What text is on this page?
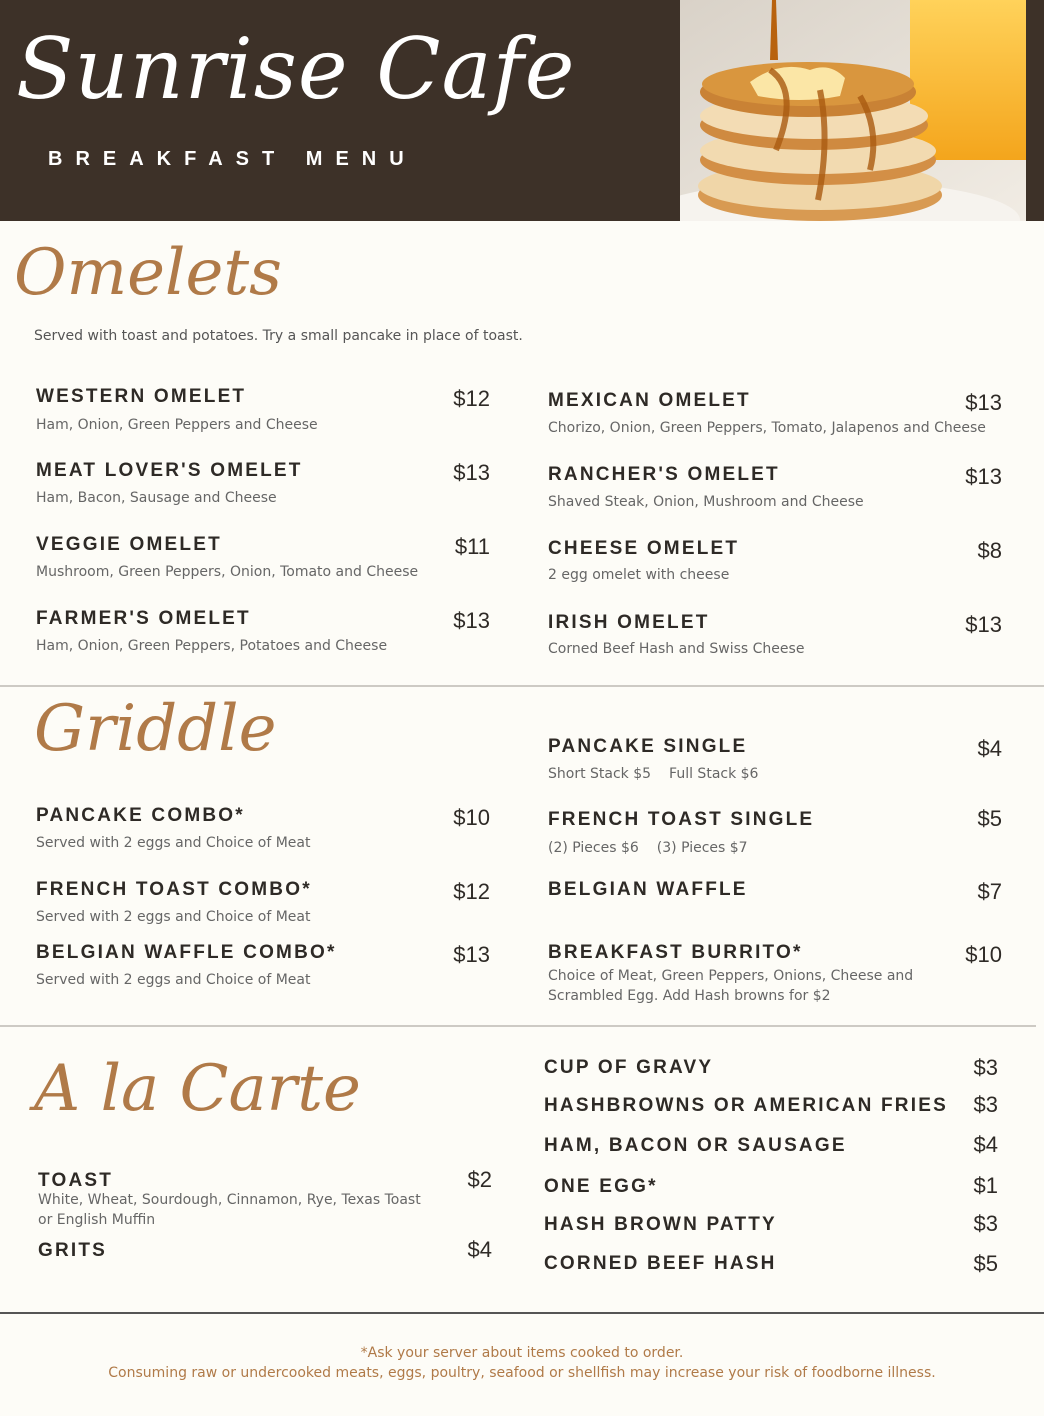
Sunrise Cafe
BREAKFAST MENU
Omelets
Served with toast and potatoes. Try a small pancake in place of toast.
WESTERN OMELET	$12
Ham, Onion, Green Peppers and Cheese
MEAT LOVER'S OMELET	$13
Ham, Bacon, Sausage and Cheese
VEGGIE OMELET	$11
Mushroom, Green Peppers, Onion, Tomato and Cheese
FARMER'S OMELET	$13
Ham, Onion, Green Peppers, Potatoes and Cheese
MEXICAN OMELET	$13
Chorizo, Onion, Green Peppers, Tomato, Jalapenos and Cheese
RANCHER'S OMELET	$13
Shaved Steak, Onion, Mushroom and Cheese
CHEESE OMELET	$8
2 egg omelet with cheese
IRISH OMELET	$13
Corned Beef Hash and Swiss Cheese
Griddle
PANCAKE COMBO*	$10
Served with 2 eggs and Choice of Meat
FRENCH TOAST COMBO*	$12
Served with 2 eggs and Choice of Meat
BELGIAN WAFFLE COMBO*	$13
Served with 2 eggs and Choice of Meat
PANCAKE SINGLE	$4
Short Stack $5 Full Stack $6
FRENCH TOAST SINGLE	$5
(2) Pieces $6 (3) Pieces $7
BELGIAN WAFFLE	$7
BREAKFAST BURRITO*	$10
Choice of Meat, Green Peppers, Onions, Cheese and
Scrambled Egg. Add Hash browns for $2
A la Carte
TOAST	$2
White, Wheat, Sourdough, Cinnamon, Rye, Texas Toast
or English Muffin
GRITS	$4
CUP OF GRAVY	$3
HASHBROWNS OR AMERICAN FRIES	$3
HAM, BACON OR SAUSAGE	$4
ONE EGG*	$1
HASH BROWN PATTY	$3
CORNED BEEF HASH	$5
*Ask your server about items cooked to order.
Consuming raw or undercooked meats, eggs, poultry, seafood or shellfish may increase your risk of foodborne illness.
